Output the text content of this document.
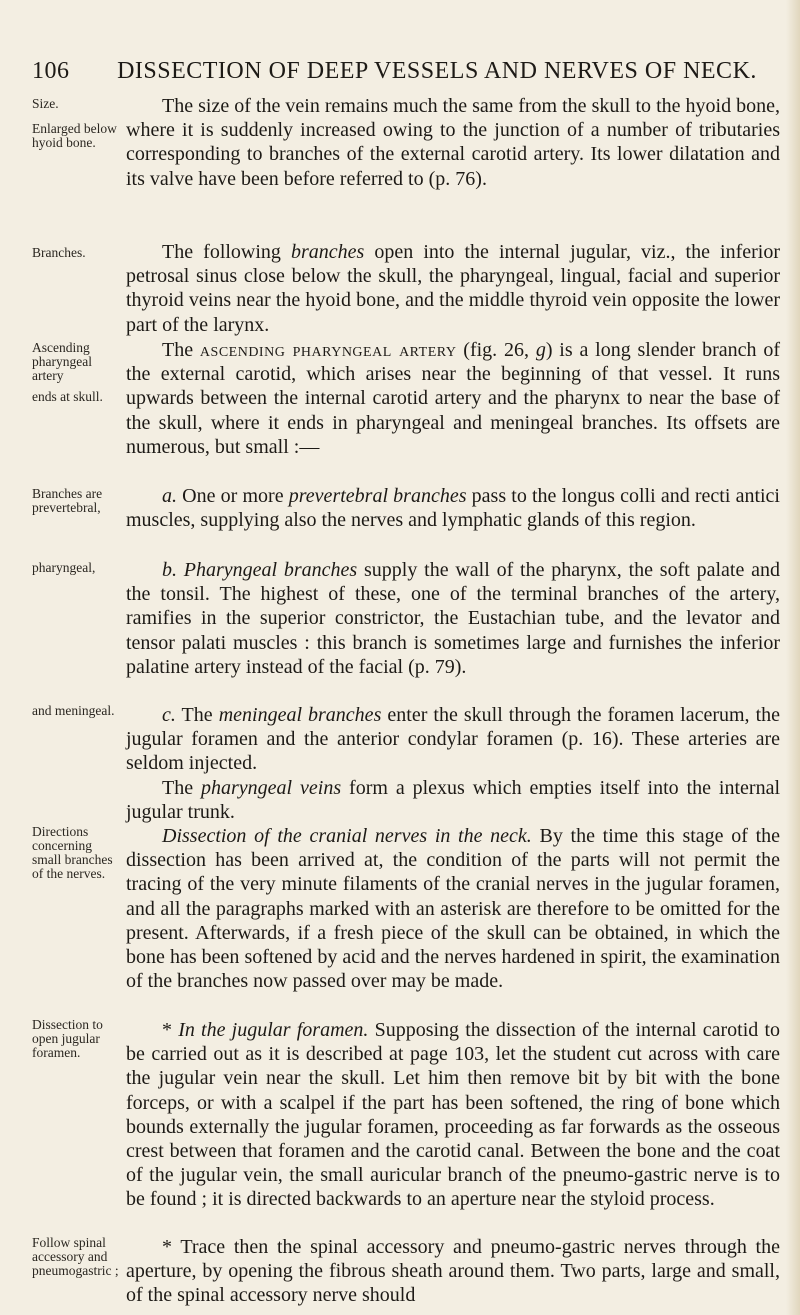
106	DISSECTION OF DEEP VESSELS AND NERVES OF NECK.
Size.
Enlarged below hyoid bone.
The size of the vein remains much the same from the skull to the hyoid bone, where it is suddenly increased owing to the junction of a number of tributaries corresponding to branches of the external carotid artery. Its lower dilatation and its valve have been before referred to (p. 76).
Branches.	The following branches open into the internal jugular, viz., the inferior petrosal sinus close below the skull, the pharyngeal, lingual, facial and superior thyroid veins near the hyoid bone, and the middle thyroid vein opposite the lower part of the larynx.
Ascending pharyngeal artery
ends at skull.
The ascending pharyngeal artery (fig. 26, g) is a long slender branch of the external carotid, which arises near the beginning of that vessel. It runs upwards between the internal carotid artery and the pharynx to near the base of the skull, where it ends in pharyngeal and meningeal branches. Its offsets are numerous, but small :—
Branches are prevertebral,
a. One or more prevertebral branches pass to the longus colli and recti antici muscles, supplying also the nerves and lymphatic glands of this region.
pharyngeal,	b. Pharyngeal branches supply the wall of the pharynx, the soft palate and the tonsil. The highest of these, one of the terminal branches of the artery, ramifies in the superior constrictor, the Eustachian tube, and the levator and tensor palati muscles : this branch is sometimes large and furnishes the inferior palatine artery instead of the facial (p. 79).
and meningeal.	c. The meningeal branches enter the skull through the foramen lacerum, the jugular foramen and the anterior condylar foramen (p. 16). These arteries are seldom injected.
The pharyngeal veins form a plexus which empties itself into the internal jugular trunk.
Directions concerning small branches of the nerves.
Dissection of the cranial nerves in the neck. By the time this stage of the dissection has been arrived at, the condition of the parts will not permit the tracing of the very minute filaments of the cranial nerves in the jugular foramen, and all the paragraphs marked with an asterisk are therefore to be omitted for the present. Afterwards, if a fresh piece of the skull can be obtained, in which the bone has been softened by acid and the nerves hardened in spirit, the examination of the branches now passed over may be made.
Dissection to open jugular foramen.
* In the jugular foramen. Supposing the dissection of the internal carotid to be carried out as it is described at page 103, let the student cut across with care the jugular vein near the skull. Let him then remove bit by bit with the bone forceps, or with a scalpel if the part has been softened, the ring of bone which bounds externally the jugular foramen, proceeding as far forwards as the osseous crest between that foramen and the carotid canal. Between the bone and the coat of the jugular vein, the small auricular branch of the pneumo-gastric nerve is to be found ; it is directed backwards to an aperture near the styloid process.
Follow spinal accessory and pneumogastric ;
* Trace then the spinal accessory and pneumo-gastric nerves through the aperture, by opening the fibrous sheath around them. Two parts, large and small, of the spinal accessory nerve should
